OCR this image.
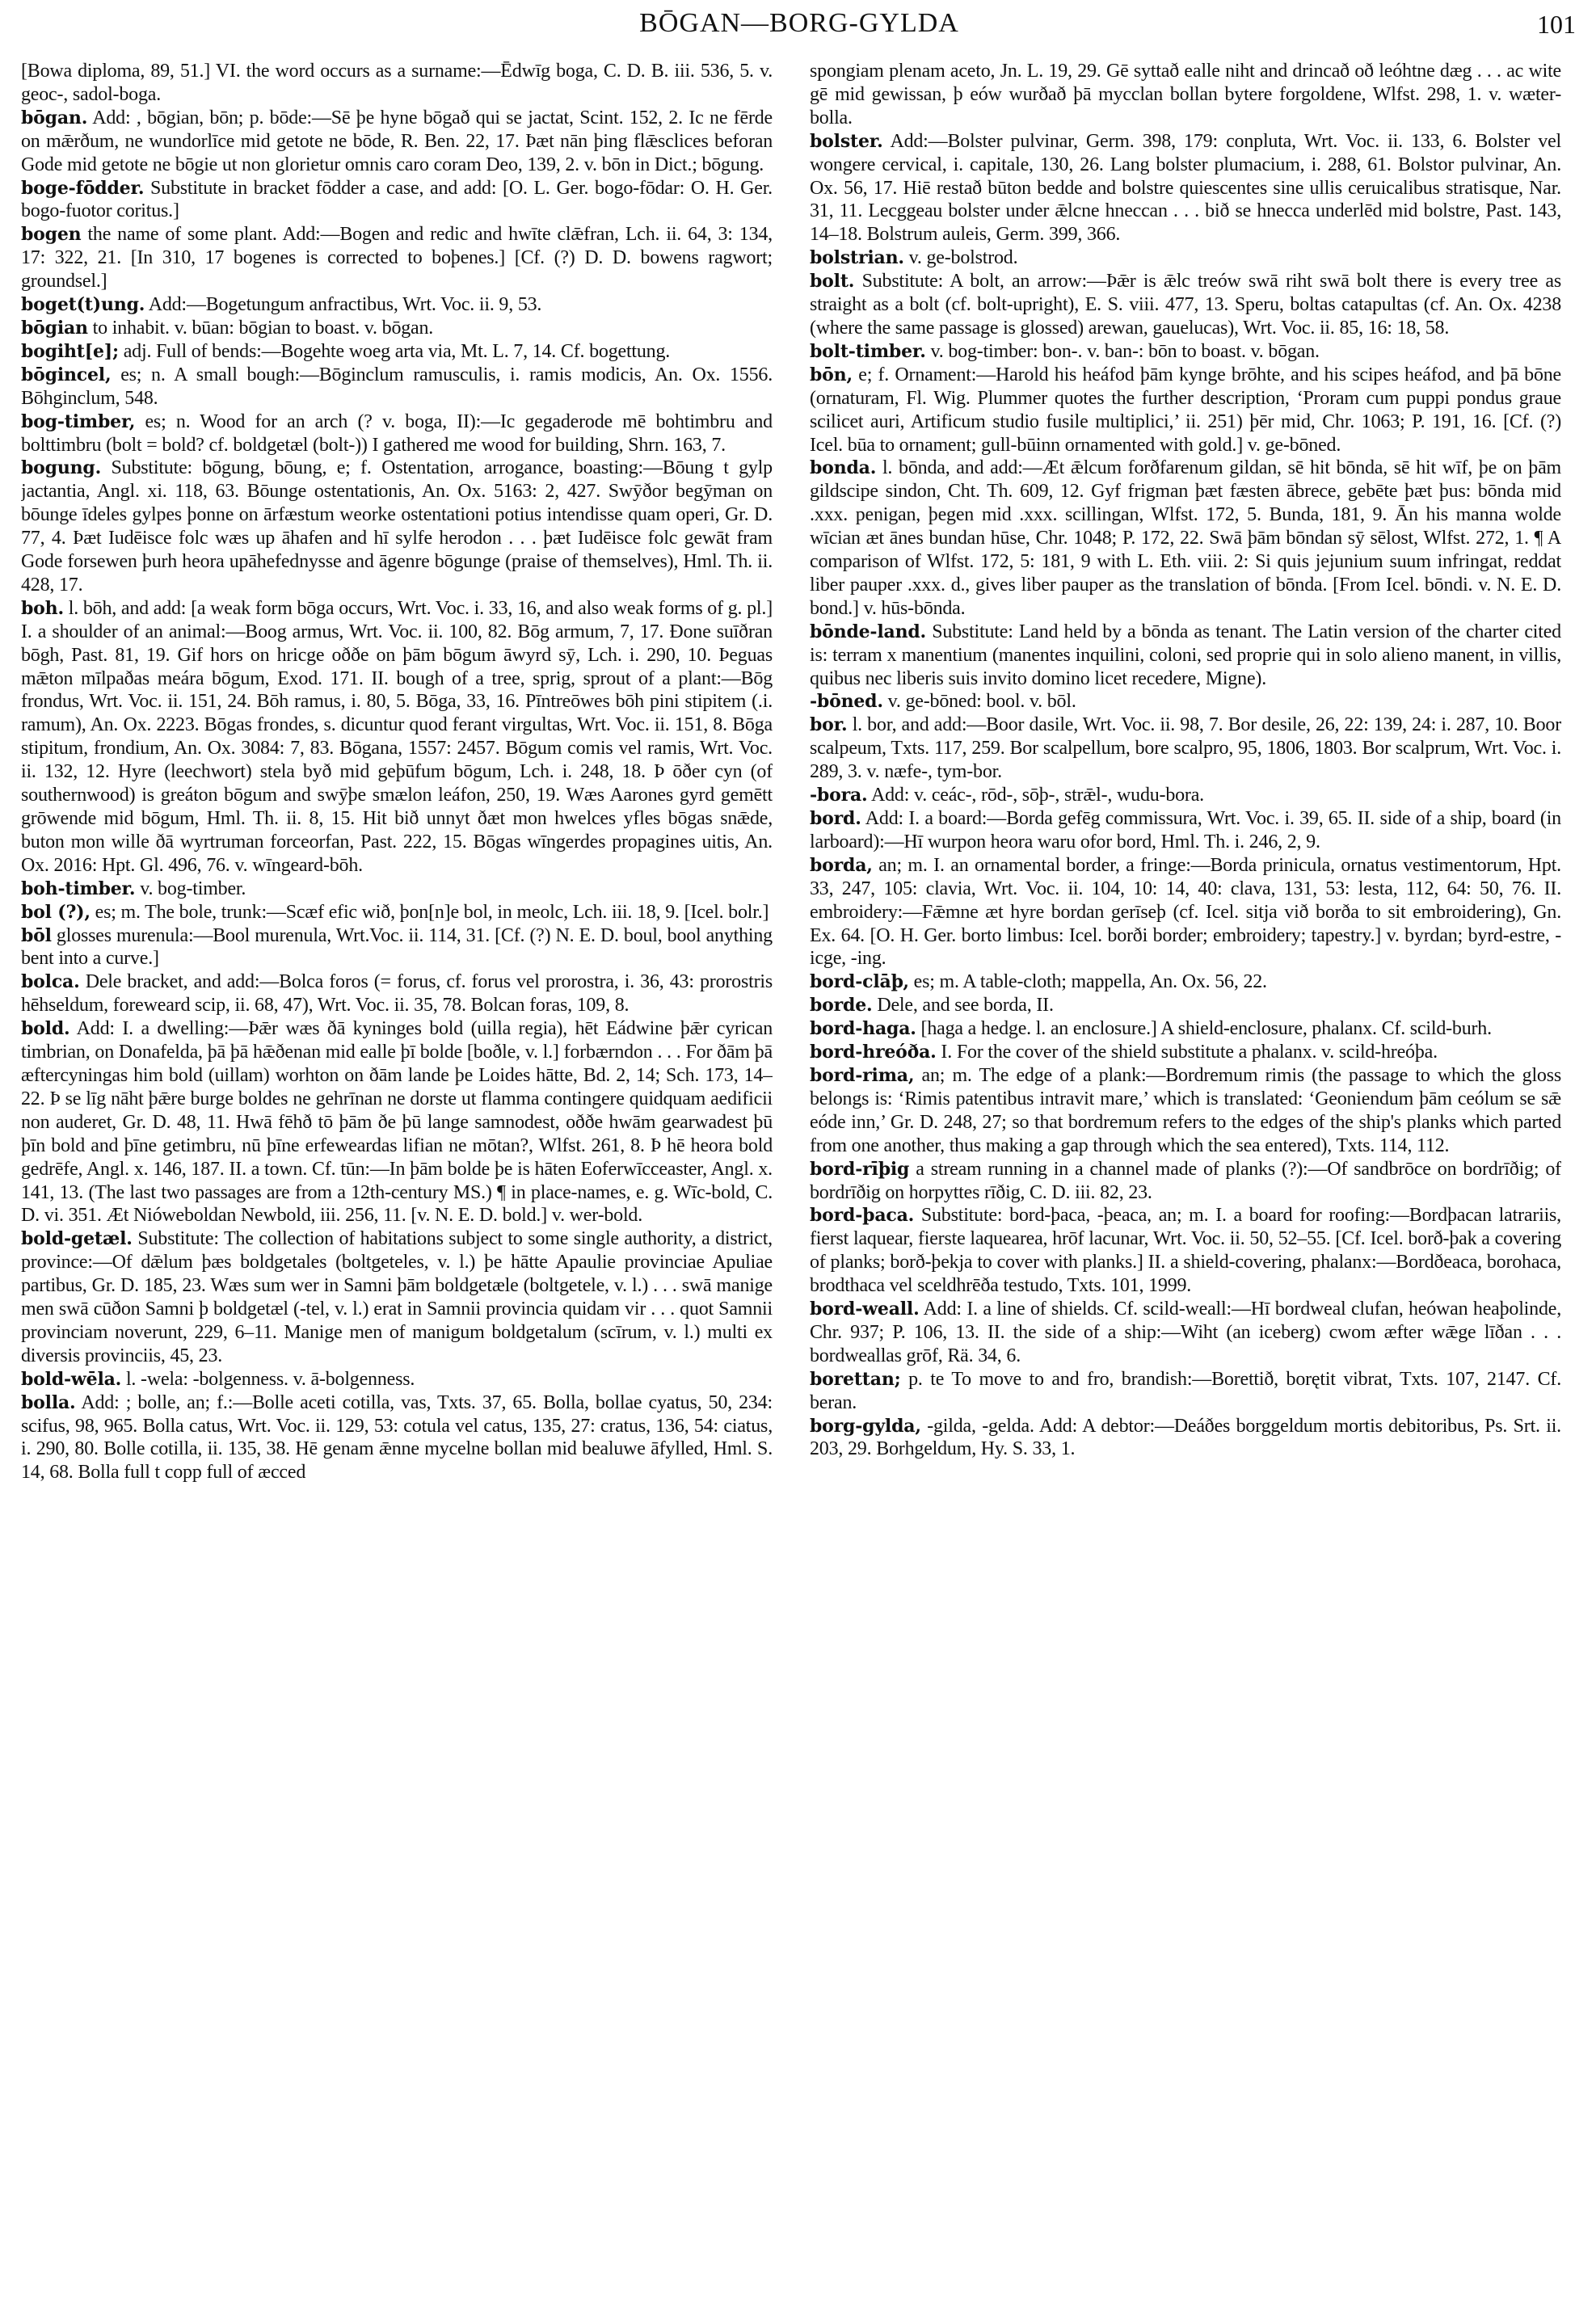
BŌGAN—BORG-GYLDA	101

[Bowa diploma, 89, 51.] VI. the word occurs as a surname:—Ēdwīg boga, C. D. B. iii. 536, 5. v. geoc-, sadol-boga.

bōgan. Add: , bōgian, bōn; p. bōde:—Sē þe hyne bōgað qui se jactat, Scint. 152, 2. Ic ne fērde on mǣrðum, ne wundorlīce mid getote ne bōde, R. Ben. 22, 17. Þæt nān þing flǣsclices beforan Gode mid getote ne bōgie ut non glorietur omnis caro coram Deo, 139, 2. v. bōn in Dict.; bōgung.

boge-fōdder. Substitute in bracket fōdder a case, and add: [O. L. Ger. bogo-fōdar: O. H. Ger. bogo-fuotor coritus.]

bogen the name of some plant. Add:—Bogen and redic and hwīte clǣfran, Lch. ii. 64, 3: 134, 17: 322, 21. [In 310, 17 bogenes is corrected to boþenes.] [Cf. (?) D. D. bowens ragwort; groundsel.]

boget(t)ung. Add:—Bogetungum anfractibus, Wrt. Voc. ii. 9, 53.

bōgian to inhabit. v. būan: bōgian to boast. v. bōgan.

bogiht[e]; adj. Full of bends:—Bogehte woeg arta via, Mt. L. 7, 14. Cf. bogettung.

bōgincel, es; n. A small bough:—Bōginclum ramusculis, i. ramis modicis, An. Ox. 1556. Bōhginclum, 548.

bog-timber, es; n. Wood for an arch (? v. boga, II):—Ic gegaderode mē bohtimbru and bolttimbru (bolt = bold? cf. boldgetæl (bolt-)) I gathered me wood for building, Shrn. 163, 7.

bogung. Substitute: bōgung, bōung, e; f. Ostentation, arrogance, boasting:—Bōung t gylp jactantia, Angl. xi. 118, 63. Bōunge ostentationis, An. Ox. 5163: 2, 427. Swȳðor begȳman on bōunge īdeles gylpes þonne on ārfæstum weorke ostentationi potius intendisse quam operi, Gr. D. 77, 4. Þæt Iudēisce folc wæs up āhafen and hī sylfe herodon . . . þæt Iudēisce folc gewāt fram Gode forsewen þurh heora upāhefednysse and āgenre bōgunge (praise of themselves), Hml. Th. ii. 428, 17.

boh. l. bōh, and add: [a weak form bōga occurs, Wrt. Voc. i. 33, 16, and also weak forms of g. pl.] I. a shoulder of an animal:—Boog armus, Wrt. Voc. ii. 100, 82. Bōg armum, 7, 17. Ðone suīðran bōgh, Past. 81, 19. Gif hors on hricge oððe on þām bōgum āwyrd sȳ, Lch. i. 290, 10. Þeguas mǣton mīlpaðas meára bōgum, Exod. 171. II. bough of a tree, sprig, sprout of a plant:—Bōg frondus, Wrt. Voc. ii. 151, 24. Bōh ramus, i. 80, 5. Bōga, 33, 16. Pīntreōwes bōh pini stipitem (.i. ramum), An. Ox. 2223. Bōgas frondes, s. dicuntur quod ferant virgultas, Wrt. Voc. ii. 151, 8. Bōga stipitum, frondium, An. Ox. 3084: 7, 83. Bōgana, 1557: 2457. Bōgum comis vel ramis, Wrt. Voc. ii. 132, 12. Hyre (leechwort) stela byð mid geþūfum bōgum, Lch. i. 248, 18. Þ ōðer cyn (of southernwood) is greáton bōgum and swȳþe smælon leáfon, 250, 19. Wæs Aarones gyrd gemētt grōwende mid bōgum, Hml. Th. ii. 8, 15. Hit bið unnyt ðæt mon hwelces yfles bōgas snǣde, buton mon wille ðā wyrtruman forceorfan, Past. 222, 15. Bōgas wīngerdes propagines uitis, An. Ox. 2016: Hpt. Gl. 496, 76. v. wīngeard-bōh.

boh-timber. v. bog-timber.

bol (?), es; m. The bole, trunk:—Scæf efic wið, þon[n]e bol, in meolc, Lch. iii. 18, 9. [Icel. bolr.]

bōl glosses murenula:—Bool murenula, Wrt.Voc. ii. 114, 31. [Cf. (?) N. E. D. boul, bool anything bent into a curve.]

bolca. Dele bracket, and add:—Bolca foros (= forus, cf. forus vel prorostra, i. 36, 43: prorostris hēhseldum, foreweard scip, ii. 68, 47), Wrt. Voc. ii. 35, 78. Bolcan foras, 109, 8.

bold. Add: I. a dwelling:—Þǣr wæs ðā kyninges bold (uilla regia), hēt Eádwine þǣr cyrican timbrian, on Donafelda, þā þā hǣðenan mid ealle þī bolde [boðle, v. l.] forbærndon . . . For ðām þā æftercyningas him bold (uillam) worhton on ðām lande þe Loides hātte, Bd. 2, 14; Sch. 173, 14–22. Þ se līg nāht þǣre burge boldes ne gehrīnan ne dorste ut flamma contingere quidquam aedificii non auderet, Gr. D. 48, 11. Hwā fēhð tō þām ðe þū lange samnodest, oððe hwām gearwadest þū þīn bold and þīne getimbru, nū þīne erfeweardas lifian ne mōtan?, Wlfst. 261, 8. Þ hē heora bold gedrēfe, Angl. x. 146, 187. II. a town. Cf. tūn:—In þām bolde þe is hāten Eoferwīcceaster, Angl. x. 141, 13. (The last two passages are from a 12th-century MS.) ¶ in place-names, e. g. Wīc-bold, C. D. vi. 351. Æt Nióweboldan Newbold, iii. 256, 11. [v. N. E. D. bold.] v. wer-bold.

bold-getæl. Substitute: The collection of habitations subject to some single authority, a district, province:—Of dǣlum þæs boldgetales (boltgeteles, v. l.) þe hātte Apaulie provinciae Apuliae partibus, Gr. D. 185, 23. Wæs sum wer in Samni þām boldgetæle (boltgetele, v. l.) . . . swā manige men swā cūðon Samni þ boldgetæl (-tel, v. l.) erat in Samnii provincia quidam vir . . . quot Samnii provinciam noverunt, 229, 6–11. Manige men of manigum boldgetalum (scīrum, v. l.) multi ex diversis provinciis, 45, 23.

bold-wēla. l. -wela: -bolgenness. v. ā-bolgenness.

bolla. Add: ; bolle, an; f.:—Bolle aceti cotilla, vas, Txts. 37, 65. Bolla, bollae cyatus, 50, 234: scifus, 98, 965. Bolla catus, Wrt. Voc. ii. 129, 53: cotula vel catus, 135, 27: cratus, 136, 54: ciatus, i. 290, 80. Bolle cotilla, ii. 135, 38. Hē genam ǣnne mycelne bollan mid bealuwe āfylled, Hml. S. 14, 68. Bolla full t copp full of æcced

spongiam plenam aceto, Jn. L. 19, 29. Gē syttað ealle niht and drincað oð leóhtne dæg . . . ac wite gē mid gewissan, þ eów wurðað þā mycclan bollan bytere forgoldene, Wlfst. 298, 1. v. wæter-bolla.

bolster. Add:—Bolster pulvinar, Germ. 398, 179: conpluta, Wrt. Voc. ii. 133, 6. Bolster vel wongere cervical, i. capitale, 130, 26. Lang bolster plumacium, i. 288, 61. Bolstor pulvinar, An. Ox. 56, 17. Hiē restað būton bedde and bolstre quiescentes sine ullis ceruicalibus stratisque, Nar. 31, 11. Lecggeau bolster under ǣlcne hneccan . . . bið se hnecca underlēd mid bolstre, Past. 143, 14–18. Bolstrum auleis, Germ. 399, 366.

bolstrian. v. ge-bolstrod.

bolt. Substitute: A bolt, an arrow:—Þǣr is ǣlc treów swā riht swā bolt there is every tree as straight as a bolt (cf. bolt-upright), E. S. viii. 477, 13. Speru, boltas catapultas (cf. An. Ox. 4238 (where the same passage is glossed) arewan, gauelucas), Wrt. Voc. ii. 85, 16: 18, 58.

bolt-timber. v. bog-timber: bon-. v. ban-: bōn to boast. v. bōgan.

bōn, e; f. Ornament:—Harold his heáfod þām kynge brōhte, and his scipes heáfod, and þā bōne (ornaturam, Fl. Wig. Plummer quotes the further description, ‘Proram cum puppi pondus graue scilicet auri, Artificum studio fusile multiplici,’ ii. 251) þēr mid, Chr. 1063; P. 191, 16. [Cf. (?) Icel. būa to ornament; gull-būinn ornamented with gold.] v. ge-bōned.

bonda. l. bōnda, and add:—Æt ǣlcum forðfarenum gildan, sē hit bōnda, sē hit wīf, þe on þām gildscipe sindon, Cht. Th. 609, 12. Gyf frigman þæt fæsten ābrece, gebēte þæt þus: bōnda mid .xxx. penigan, þegen mid .xxx. scillingan, Wlfst. 172, 5. Bunda, 181, 9. Ān his manna wolde wīcian æt ānes bundan hūse, Chr. 1048; P. 172, 22. Swā þām bōndan sȳ sēlost, Wlfst. 272, 1. ¶ A comparison of Wlfst. 172, 5: 181, 9 with L. Eth. viii. 2: Si quis jejunium suum infringat, reddat liber pauper .xxx. d., gives liber pauper as the translation of bōnda. [From Icel. bōndi. v. N. E. D. bond.] v. hūs-bōnda.

bōnde-land. Substitute: Land held by a bōnda as tenant. The Latin version of the charter cited is: terram x manentium (manentes inquilini, coloni, sed proprie qui in solo alieno manent, in villis, quibus nec liberis suis invito domino licet recedere, Migne).

-bōned. v. ge-bōned: bool. v. bōl.

bor. l. bor, and add:—Boor dasile, Wrt. Voc. ii. 98, 7. Bor desile, 26, 22: 139, 24: i. 287, 10. Boor scalpeum, Txts. 117, 259. Bor scalpellum, bore scalpro, 95, 1806, 1803. Bor scalprum, Wrt. Voc. i. 289, 3. v. næfe-, tym-bor.

-bora. Add: v. ceác-, rōd-, sōþ-, strǣl-, wudu-bora.

bord. Add: I. a board:—Borda gefēg commissura, Wrt. Voc. i. 39, 65. II. side of a ship, board (in larboard):—Hī wurpon heora waru ofor bord, Hml. Th. i. 246, 2, 9.

borda, an; m. I. an ornamental border, a fringe:—Borda prinicula, ornatus vestimentorum, Hpt. 33, 247, 105: clavia, Wrt. Voc. ii. 104, 10: 14, 40: clava, 131, 53: lesta, 112, 64: 50, 76. II. embroidery:—Fǣmne æt hyre bordan gerīseþ (cf. Icel. sitja við borða to sit embroidering), Gn. Ex. 64. [O. H. Ger. borto limbus: Icel. borði border; embroidery; tapestry.] v. byrdan; byrd-estre, -icge, -ing.

bord-clāþ, es; m. A table-cloth; mappella, An. Ox. 56, 22.

borde. Dele, and see borda, II.

bord-haga. [haga a hedge. l. an enclosure.] A shield-enclosure, phalanx. Cf. scild-burh.

bord-hreóða. I. For the cover of the shield substitute a phalanx. v. scild-hreóþa.

bord-rima, an; m. The edge of a plank:—Bordremum rimis (the passage to which the gloss belongs is: ‘Rimis patentibus intravit mare,’ which is translated: ‘Geoniendum þām ceólum se sǣ eóde inn,’ Gr. D. 248, 27; so that bordremum refers to the edges of the ship's planks which parted from one another, thus making a gap through which the sea entered), Txts. 114, 112.

bord-rīþig a stream running in a channel made of planks (?):—Of sandbrōce on bordrīðig; of bordrīðig on horpyttes rīðig, C. D. iii. 82, 23.

bord-þaca. Substitute: bord-þaca, -þeaca, an; m. I. a board for roofing:—Bordþacan latrariis, fierst laquear, fierste laquearea, hrōf lacunar, Wrt. Voc. ii. 50, 52–55. [Cf. Icel. borð-þak a covering of planks; borð-þekja to cover with planks.] II. a shield-covering, phalanx:—Bordðeaca, borohaca, brodthaca vel sceldhrēða testudo, Txts. 101, 1999.

bord-weall. Add: I. a line of shields. Cf. scild-weall:—Hī bordweal clufan, heówan heaþolinde, Chr. 937; P. 106, 13. II. the side of a ship:—Wiht (an iceberg) cwom æfter wǣge līðan . . . bordweallas grōf, Rä. 34, 6.

borettan; p. te To move to and fro, brandish:—Borettið, borętit vibrat, Txts. 107, 2147. Cf. beran.

borg-gylda, -gilda, -gelda. Add: A debtor:—Deáðes borggeldum mortis debitoribus, Ps. Srt. ii. 203, 29. Borhgeldum, Hy. S. 33, 1.
